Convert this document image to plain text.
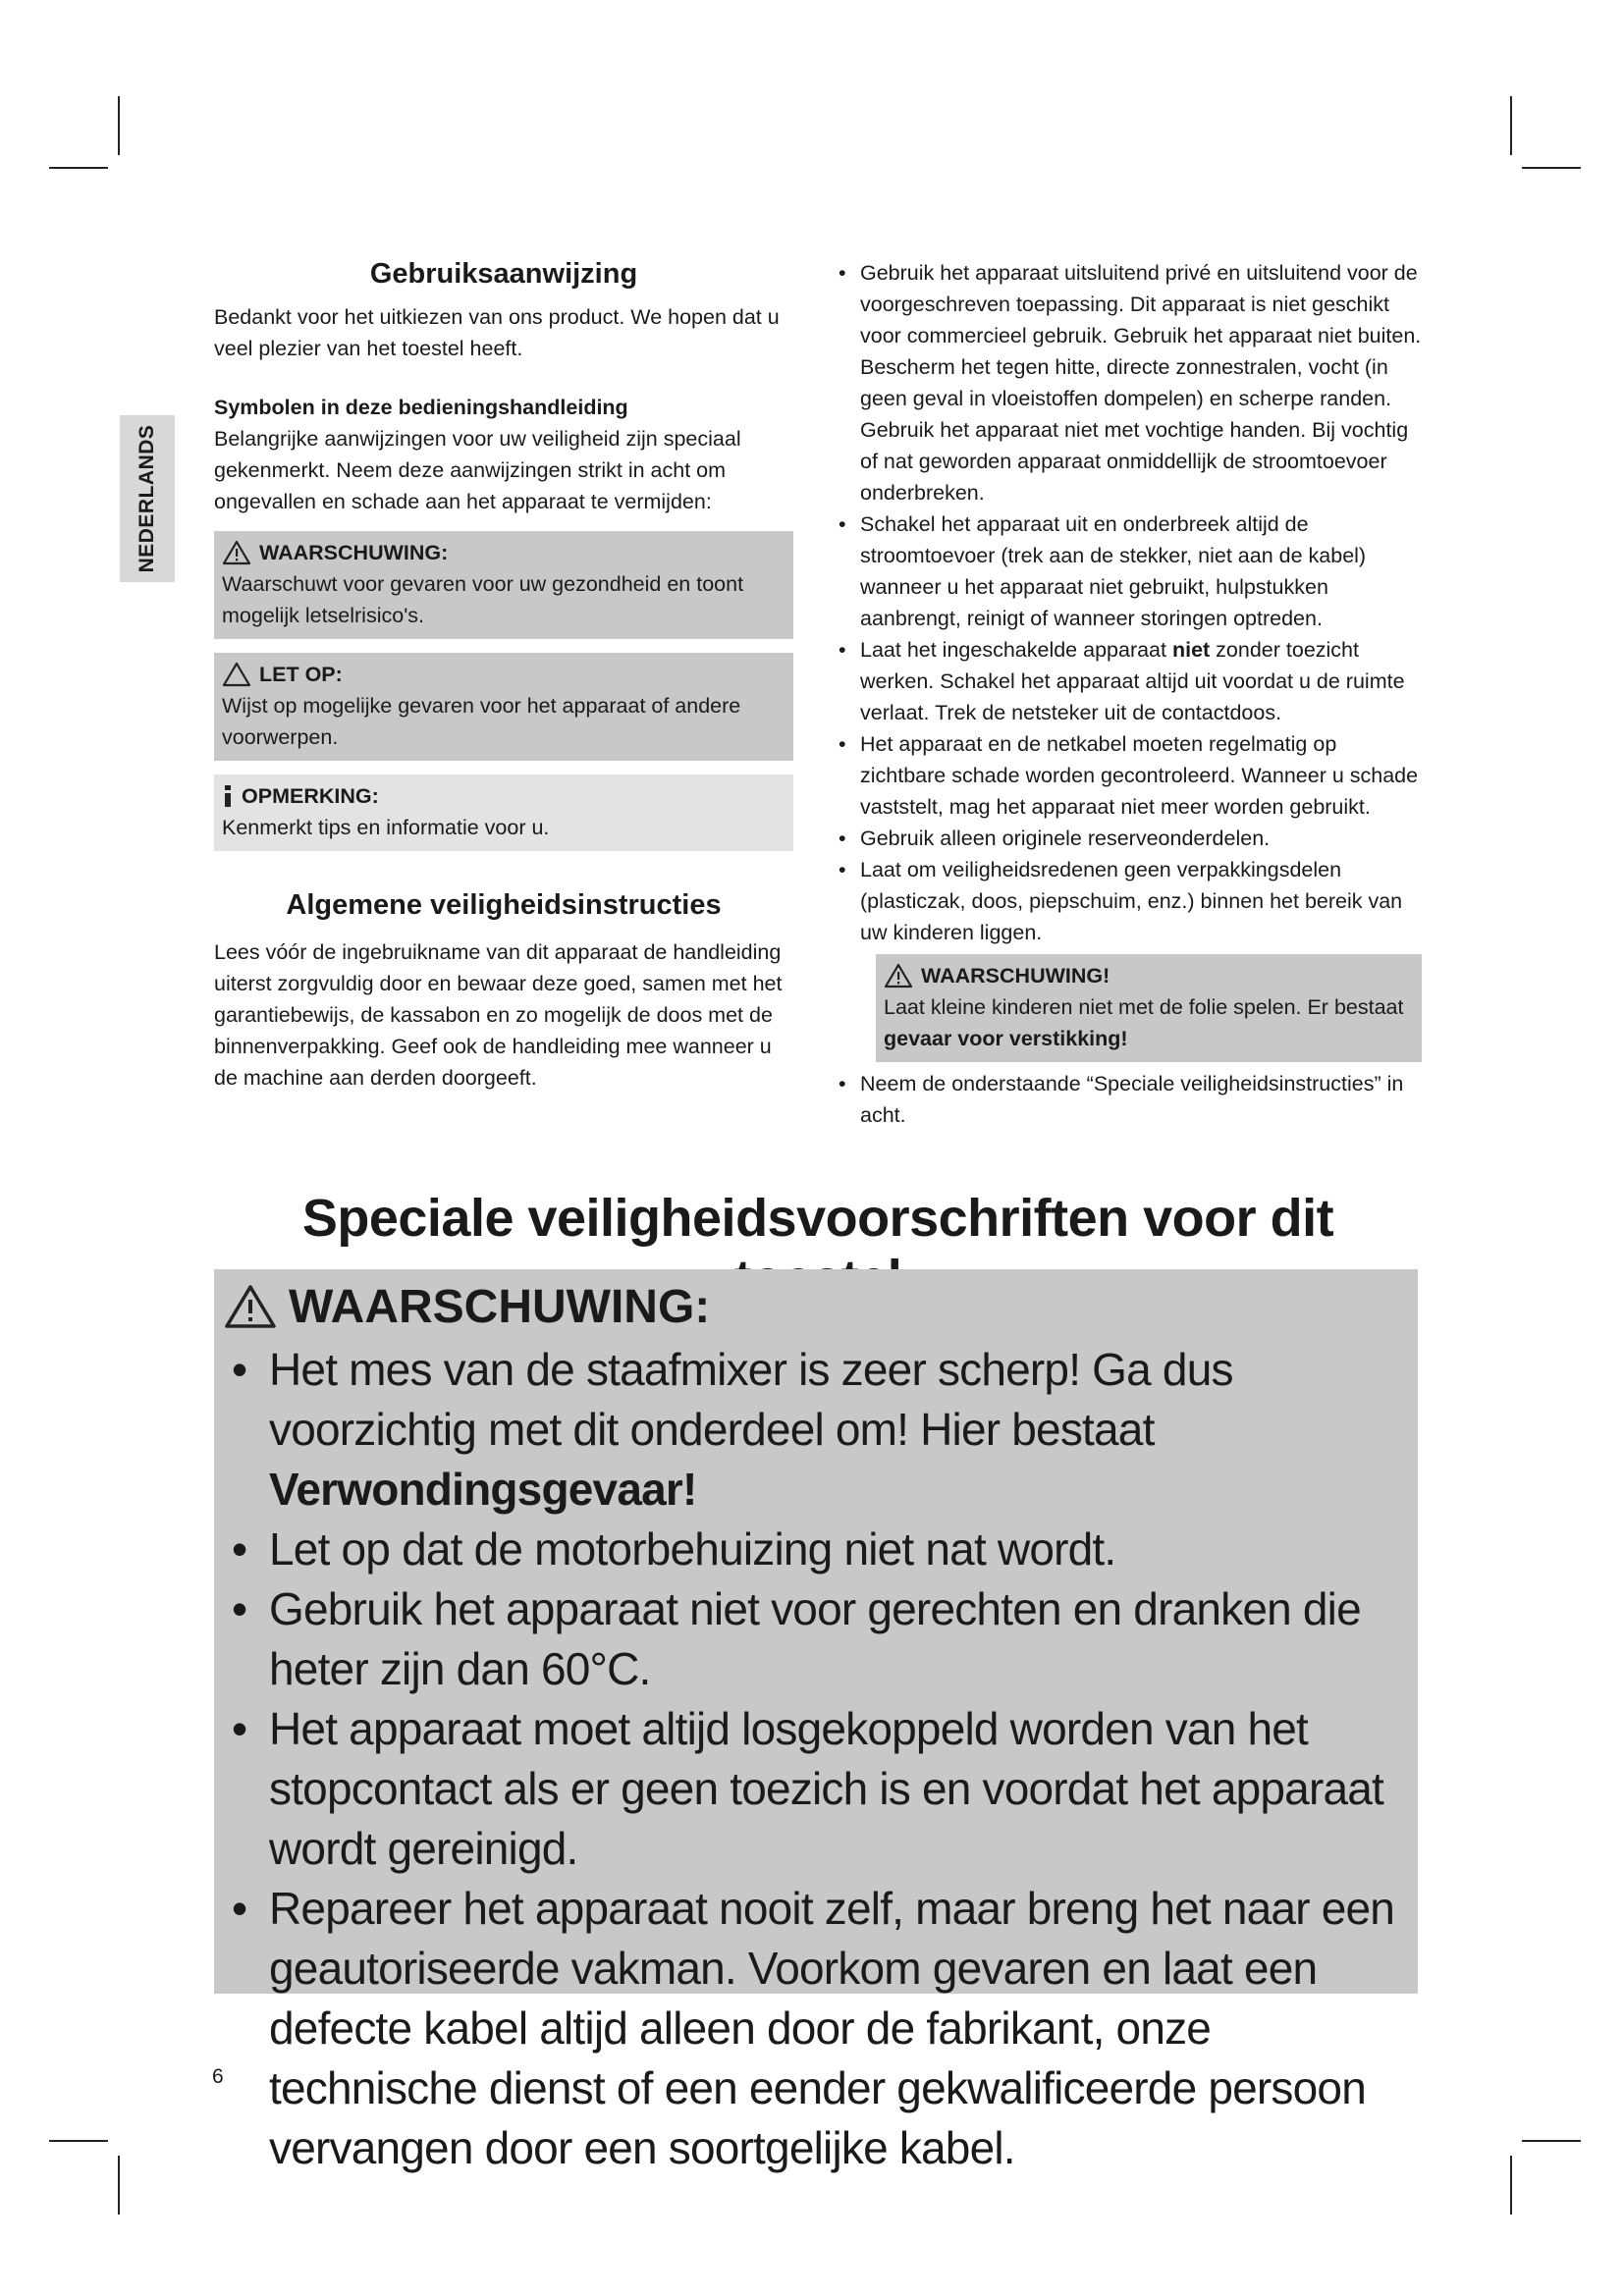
NEDERLANDS
Gebruiksaanwijzing

Bedankt voor het uitkiezen van ons product. We hopen dat u veel plezier van het toestel heeft.

Symbolen in deze bedieningshandleiding

Belangrijke aanwijzingen voor uw veiligheid zijn speciaal gekenmerkt. Neem deze aanwijzingen strikt in acht om ongevallen en schade aan het apparaat te vermijden:

WAARSCHUWING:

Waarschuwt voor gevaren voor uw gezondheid en toont mogelijk letselrisico's.

LET OP:

Wijst op mogelijke gevaren voor het apparaat of andere voorwerpen.

OPMERKING:

Kenmerkt tips en informatie voor u.

Algemene veiligheidsinstructies

Lees vóór de ingebruikname van dit apparaat de handleiding uiterst zorgvuldig door en bewaar deze goed, samen met het garantiebewijs, de kassabon en zo mogelijk de doos met de binnenverpakking. Geef ook de handleiding mee wanneer u de machine aan derden doorgeeft.

• Gebruik het apparaat uitsluitend privé en uitsluitend voor de voorgeschreven toepassing. Dit apparaat is niet geschikt voor commercieel gebruik. Gebruik het apparaat niet buiten. Bescherm het tegen hitte, directe zonnestralen, vocht (in geen geval in vloeistoffen dompelen) en scherpe randen. Gebruik het apparaat niet met vochtige handen. Bij vochtig of nat geworden apparaat onmiddellijk de stroomtoevoer onderbreken.
• Schakel het apparaat uit en onderbreek altijd de stroomtoevoer (trek aan de stekker, niet aan de kabel) wanneer u het apparaat niet gebruikt, hulpstukken aanbrengt, reinigt of wanneer storingen optreden.
• Laat het ingeschakelde apparaat niet zonder toezicht werken. Schakel het apparaat altijd uit voordat u de ruimte verlaat. Trek de netsteker uit de contactdoos.
• Het apparaat en de netkabel moeten regelmatig op zichtbare schade worden gecontroleerd. Wanneer u schade vaststelt, mag het apparaat niet meer worden gebruikt.
• Gebruik alleen originele reserveonderdelen.
• Laat om veiligheidsredenen geen verpakkingsdelen (plasticzak, doos, piepschuim, enz.) binnen het bereik van uw kinderen liggen.
WAARSCHUWING!

Laat kleine kinderen niet met de folie spelen. Er bestaat gevaar voor verstikking!

• Neem de onderstaande “Speciale veiligheidsinstructies” in acht.
Speciale veiligheidsvoorschriften voor dit
WAARSCHUWING:
• Het mes van de staafmixer is zeer scherp! Ga dus voorzichtig met dit onderdeel om! Hier bestaat Verwondingsgevaar!
• Let op dat de motorbehuizing niet nat wordt.
• Gebruik het apparaat niet voor gerechten en dranken die heter zijn dan 60°C.
• Het apparaat moet altijd losgekoppeld worden van het stopcontact als er geen toezich is en voordat het apparaat wordt gereinigd.
• Repareer het apparaat nooit zelf, maar breng het naar een geautoriseerde vakman. Voorkom gevaren en laat een defecte kabel altijd alleen door de fabrikant, onze technische dienst of een eender gekwalificeerde persoon vervangen door een soortgelijke kabel.
6
